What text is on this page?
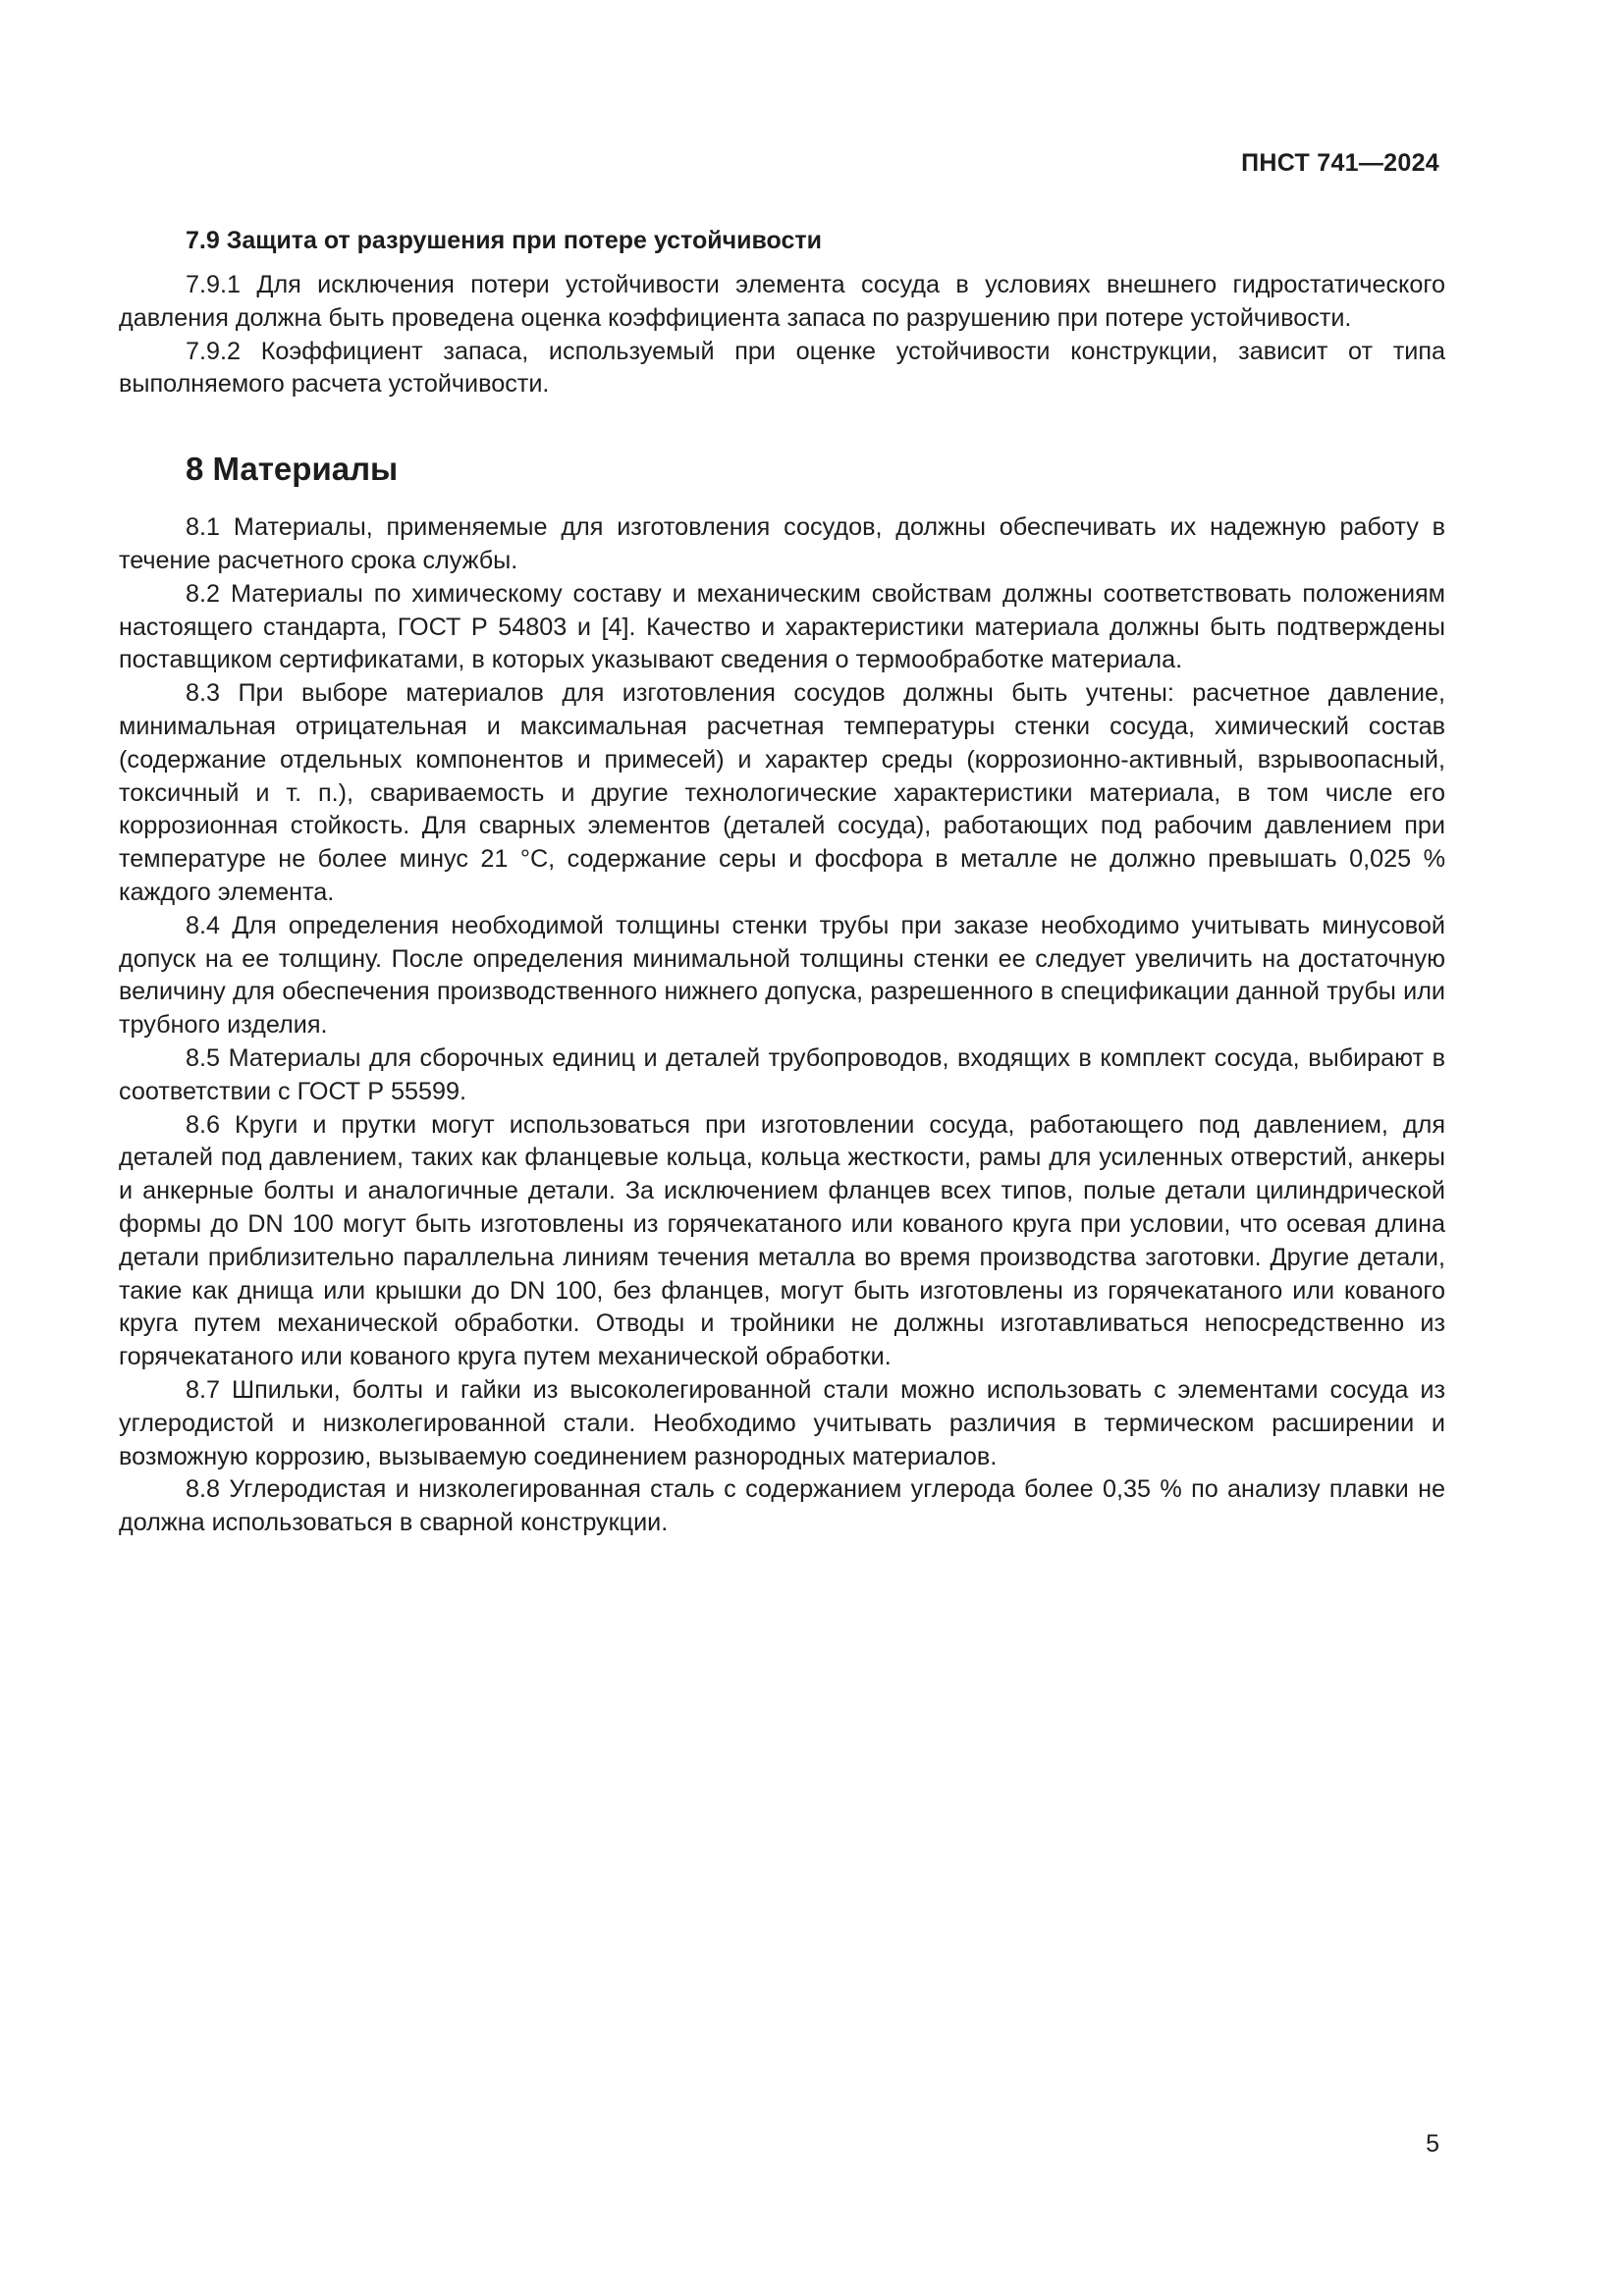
ПНСТ 741—2024
7.9 Защита от разрушения при потере устойчивости

7.9.1 Для исключения потери устойчивости элемента сосуда в условиях внешнего гидростатического давления должна быть проведена оценка коэффициента запаса по разрушению при потере устойчивости.

7.9.2 Коэффициент запаса, используемый при оценке устойчивости конструкции, зависит от типа выполняемого расчета устойчивости.

8 Материалы

8.1 Материалы, применяемые для изготовления сосудов, должны обеспечивать их надежную работу в течение расчетного срока службы.

8.2 Материалы по химическому составу и механическим свойствам должны соответствовать положениям настоящего стандарта, ГОСТ Р 54803 и [4]. Качество и характеристики материала должны быть подтверждены поставщиком сертификатами, в которых указывают сведения о термообработке материала.

8.3 При выборе материалов для изготовления сосудов должны быть учтены: расчетное давление, минимальная отрицательная и максимальная расчетная температуры стенки сосуда, химический состав (содержание отдельных компонентов и примесей) и характер среды (коррозионно-активный, взрывоопасный, токсичный и т. п.), свариваемость и другие технологические характеристики материала, в том числе его коррозионная стойкость. Для сварных элементов (деталей сосуда), работающих под рабочим давлением при температуре не более минус 21 °С, содержание серы и фосфора в металле не должно превышать 0,025 % каждого элемента.

8.4 Для определения необходимой толщины стенки трубы при заказе необходимо учитывать минусовой допуск на ее толщину. После определения минимальной толщины стенки ее следует увеличить на достаточную величину для обеспечения производственного нижнего допуска, разрешенного в спецификации данной трубы или трубного изделия.

8.5 Материалы для сборочных единиц и деталей трубопроводов, входящих в комплект сосуда, выбирают в соответствии с ГОСТ Р 55599.

8.6 Круги и прутки могут использоваться при изготовлении сосуда, работающего под давлением, для деталей под давлением, таких как фланцевые кольца, кольца жесткости, рамы для усиленных отверстий, анкеры и анкерные болты и аналогичные детали. За исключением фланцев всех типов, полые детали цилиндрической формы до DN 100 могут быть изготовлены из горячекатаного или кованого круга при условии, что осевая длина детали приблизительно параллельна линиям течения металла во время производства заготовки. Другие детали, такие как днища или крышки до DN 100, без фланцев, могут быть изготовлены из горячекатаного или кованого круга путем механической обработки. Отводы и тройники не должны изготавливаться непосредственно из горячекатаного или кованого круга путем механической обработки.

8.7 Шпильки, болты и гайки из высоколегированной стали можно использовать с элементами сосуда из углеродистой и низколегированной стали. Необходимо учитывать различия в термическом расширении и возможную коррозию, вызываемую соединением разнородных материалов.

8.8 Углеродистая и низколегированная сталь с содержанием углерода более 0,35 % по анализу плавки не должна использоваться в сварной конструкции.

5
